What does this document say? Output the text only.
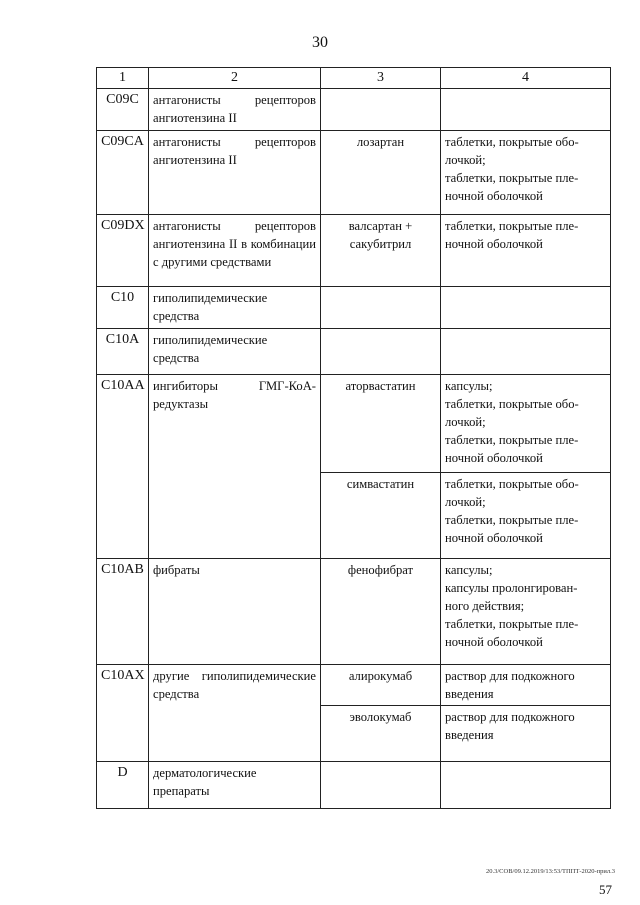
30
1	2	3	4
C09C	антагонисты рецепторов ангиотензина II		
C09CA	антагонисты рецепторов ангиотензина II	лозартан	таблетки, покрытые обо-
лочкой;
таблетки, покрытые пле-
ночной оболочкой

C09DX	антагонисты рецепторов ангиотензина II в комбинации с другими средствами	валсартан + сакубитрил	таблетки, покрытые пле-
ночной оболочкой

C10	гиполипидемические средства		
C10A	гиполипидемические средства		
C10AA	ингибиторы ГМГ-КоА-редуктазы	аторвастатин	капсулы;
таблетки, покрытые обо-
лочкой;
таблетки, покрытые пле-
ночной оболочкой

		симвастатин	таблетки, покрытые обо-
лочкой;
таблетки, покрытые пле-
ночной оболочкой

C10AB	фибраты	фенофибрат	капсулы;
капсулы пролонгирован-
ного действия;
таблетки, покрытые пле-
ночной оболочкой

C10AX	другие гиполипидемические средства	алирокумаб	раствор для подкожного
введения

		эволокумаб	раствор для подкожного
введения

D	дерматологические препараты		
20.3/СОВ/09.12.2019/13:53/ТППТ-2020-прил.3
57
